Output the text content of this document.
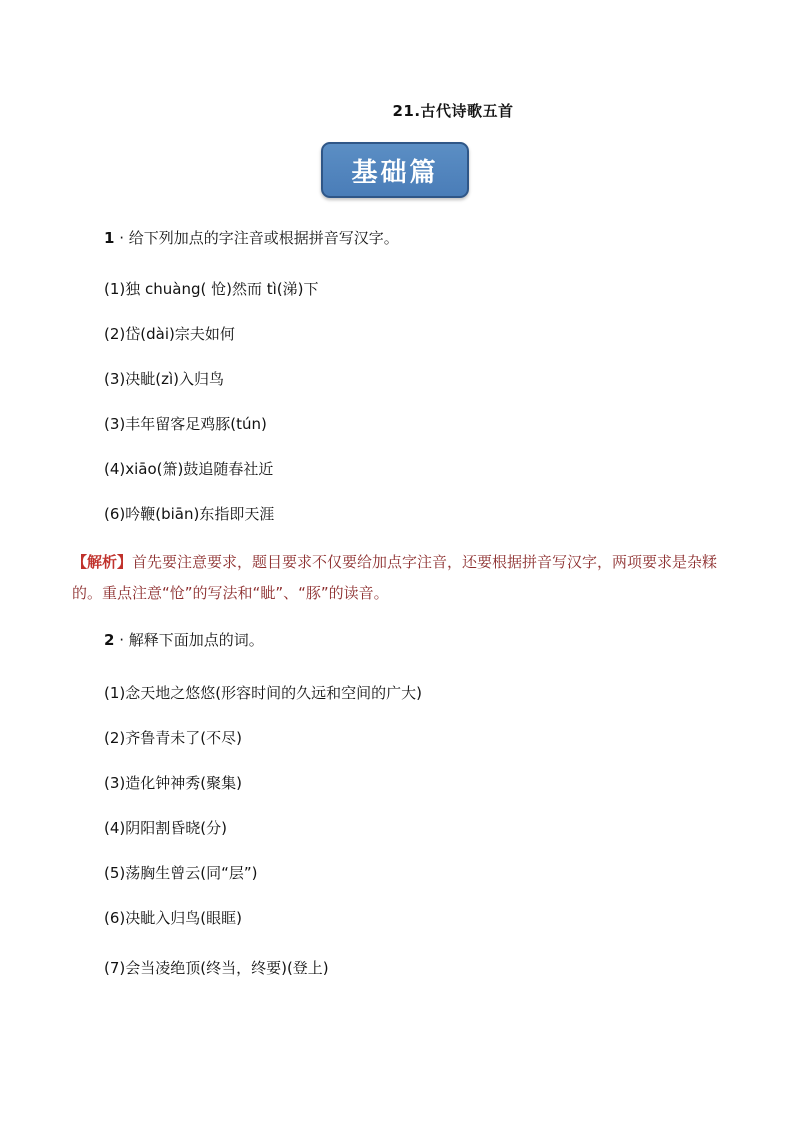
21.古代诗歌五首
基础篇
1 · 给下列加点的字注音或根据拼音写汉字。
(1)独 chuàng( 怆)然而 tì(涕)下
(2)岱(dài)宗夫如何
(3)决眦(zì)入归鸟
(3)丰年留客足鸡豚(tún)
(4)xiāo(箫)鼓追随春社近
(6)吟鞭(biān)东指即天涯
【解析】首先要注意要求，题目要求不仅要给加点字注音，还要根据拼音写汉字，两项要求是杂糅的。重点注意“怆”的写法和“眦”、“豚”的读音。
2 · 解释下面加点的词。
(1)念天地之悠悠(形容时间的久远和空间的广大)
(2)齐鲁青未了(不尽)
(3)造化钟神秀(聚集)
(4)阴阳割昏晓(分)
(5)荡胸生曾云(同“层”)
(6)决眦入归鸟(眼眶)
(7)会当凌绝顶(终当，终要)(登上)
